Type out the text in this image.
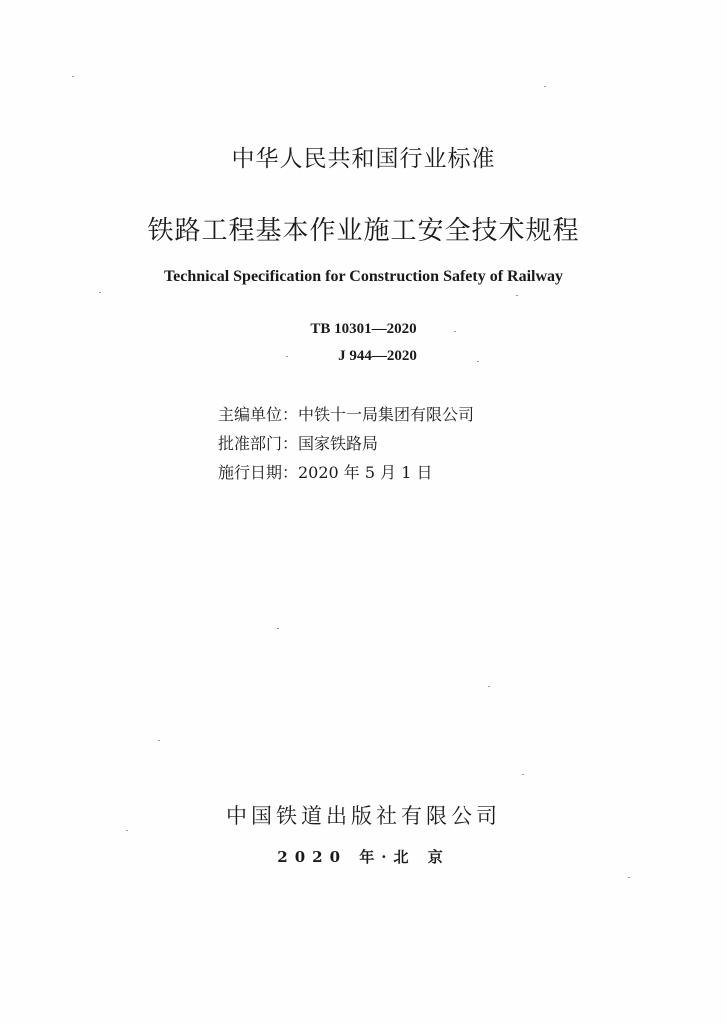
中华人民共和国行业标准
铁路工程基本作业施工安全技术规程
Technical Specification for Construction Safety of Railway
TB 10301—2020
J 944—2020
主编单位：中铁十一局集团有限公司
批准部门：国家铁路局
施行日期：2020 年 5 月 1 日
中国铁道出版社有限公司
2020 年·北 京
